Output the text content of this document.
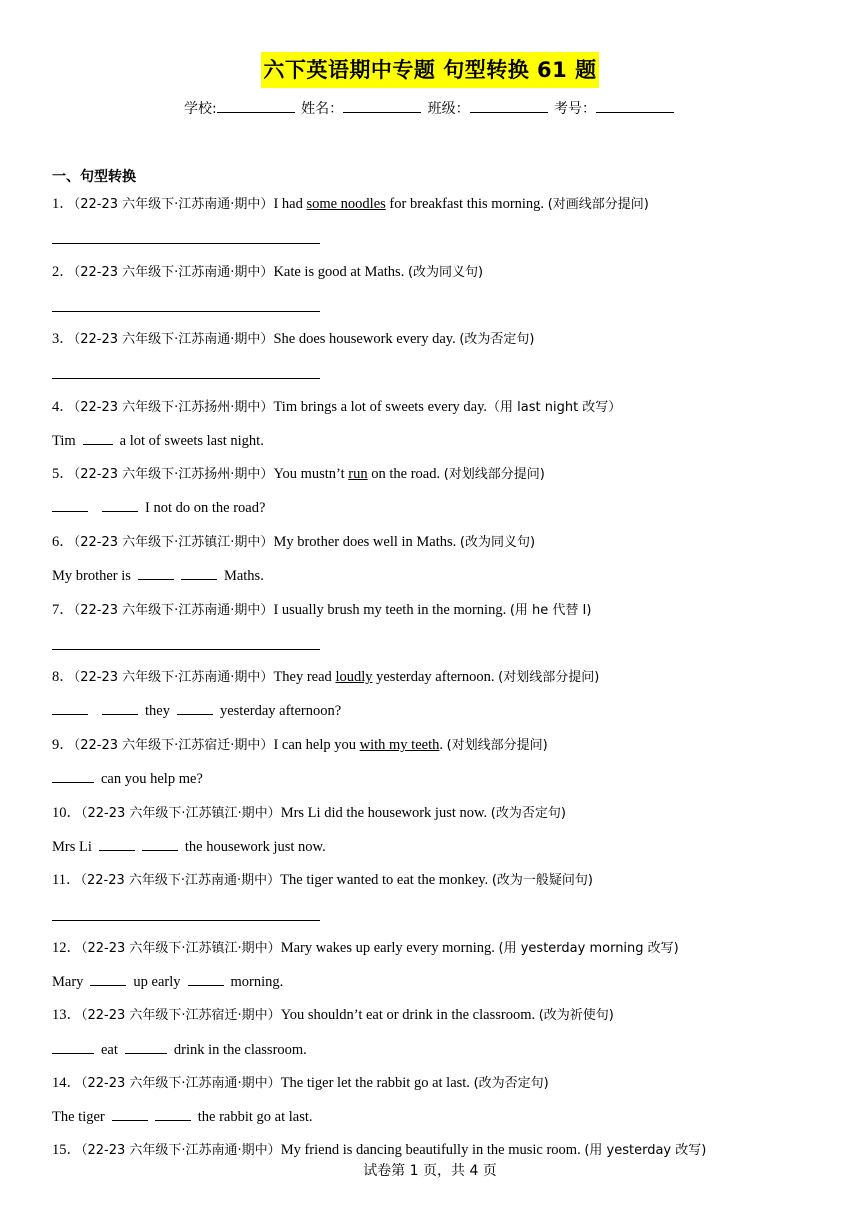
六下英语期中专题 句型转换 61 题
学校:	姓名：	班级：	考号：
一、句型转换
1．（22-23 六年级下·江苏南通·期中）I had some noodles for breakfast this morning. (对画线部分提问)
2．（22-23 六年级下·江苏南通·期中）Kate is good at Maths. (改为同义句)
3．（22-23 六年级下·江苏南通·期中）She does housework every day. (改为否定句)
4．（22-23 六年级下·江苏扬州·期中）Tim brings a lot of sweets every day.（用 last night 改写）
Tim	a lot of sweets last night.
5．（22-23 六年级下·江苏扬州·期中）You mustn’t run on the road. (对划线部分提问)
I not do on the road?
6．（22-23 六年级下·江苏镇江·期中）My brother does well in Maths. (改为同义句)
My brother is	Maths.
7．（22-23 六年级下·江苏南通·期中）I usually brush my teeth in the morning. (用 he 代替 I)
8．（22-23 六年级下·江苏南通·期中）They read loudly yesterday afternoon. (对划线部分提问)
they	yesterday afternoon?
9．（22-23 六年级下·江苏宿迁·期中）I can help you with my teeth. (对划线部分提问)
can you help me?
10．（22-23 六年级下·江苏镇江·期中）Mrs Li did the housework just now. (改为否定句)
Mrs Li	the housework just now.
11．（22-23 六年级下·江苏南通·期中）The tiger wanted to eat the monkey. (改为一般疑问句)
12．（22-23 六年级下·江苏镇江·期中）Mary wakes up early every morning. (用 yesterday morning 改写)
Mary	up early	morning.
13．（22-23 六年级下·江苏宿迁·期中）You shouldn’t eat or drink in the classroom. (改为祈使句)
eat	drink in the classroom.
14．（22-23 六年级下·江苏南通·期中）The tiger let the rabbit go at last. (改为否定句)
The tiger	the rabbit go at last.
15．（22-23 六年级下·江苏南通·期中）My friend is dancing beautifully in the music room. (用 yesterday 改写)
试卷第 1 页，共 4 页
